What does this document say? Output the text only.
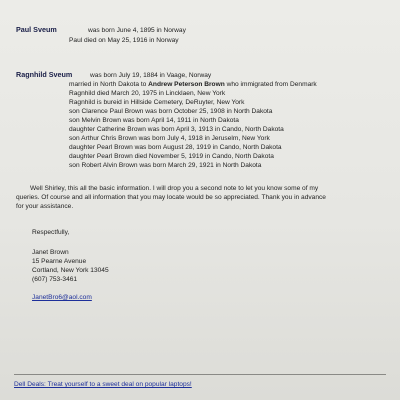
Paul Sveum	was born June 4, 1895 in Norway
Paul died on May 25, 1916 in Norway
Ragnhild Sveum	was born July 19, 1884 in Vaage, Norway
married in North Dakota to Andrew Peterson Brown who immigrated from Denmark
Ragnhild died March 20, 1975 in Lincklaen, New York
Ragnhild is bureid in Hillside Cemetery, DeRuyter, New York
son Clarence Paul Brown was born October 25, 1908 in North Dakota
son Melvin Brown was born April 14, 1911 in North Dakota
daughter Catherine Brown was born April 3, 1913 in Cando, North Dakota
son Arthur Chris Brown was born July 4, 1918 in Jeruselm, New York
daughter Pearl Brown was born August 28, 1919 in Cando, North Dakota
daughter Pearl Brown died November 5, 1919 in Cando, North Dakota
son Robert Alvin Brown was born March 29, 1921 in North Dakota
Well Shirley, this all the basic information. I will drop you a second note to let you know some of my
queries. Of course and all information that you may locate would be so appreciated. Thank you in advance
for your assistance.
Respectfully,
Janet Brown
15 Pearne Avenue
Cortland, New York 13045
(607) 753-3461
JanetBro6@aol.com
Dell Deals: Treat yourself to a sweet deal on popular laptops!
